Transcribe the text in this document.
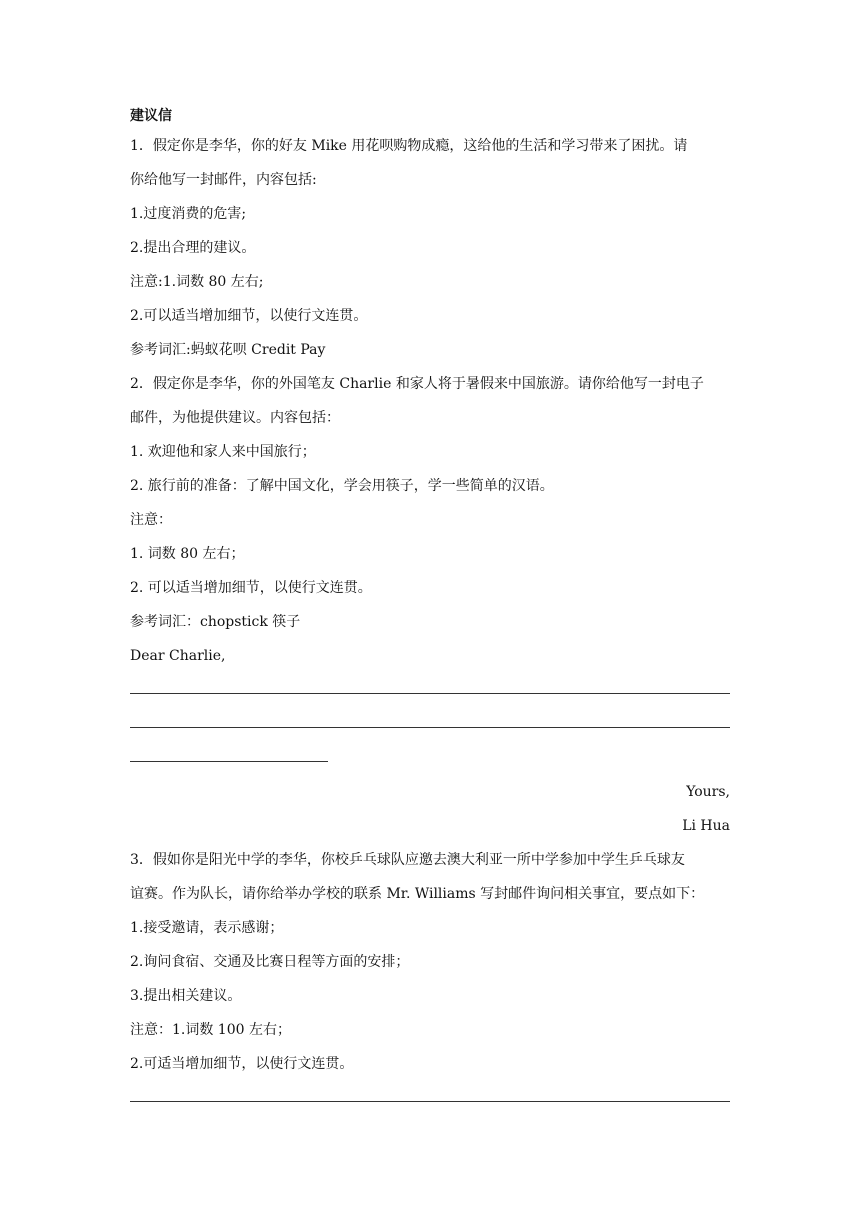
建议信
1．假定你是李华，你的好友 Mike 用花呗购物成瘾，这给他的生活和学习带来了困扰。请
你给他写一封邮件，内容包括:
1.过度消费的危害;
2.提出合理的建议。
注意:1.词数 80 左右;
2.可以适当增加细节，以使行文连贯。
参考词汇:蚂蚁花呗 Credit Pay
2．假定你是李华，你的外国笔友 Charlie 和家人将于暑假来中国旅游。请你给他写一封电子
邮件，为他提供建议。内容包括：
1. 欢迎他和家人来中国旅行；
2. 旅行前的准备：了解中国文化，学会用筷子，学一些简单的汉语。
注意：
1. 词数 80 左右；
2. 可以适当增加细节，以使行文连贯。
参考词汇：chopstick 筷子
Dear Charlie,
Yours,
Li Hua
3．假如你是阳光中学的李华，你校乒乓球队应邀去澳大利亚一所中学参加中学生乒乓球友
谊赛。作为队长，请你给举办学校的联系 Mr. Williams 写封邮件询问相关事宜，要点如下：
1.接受邀请，表示感谢；
2.询问食宿、交通及比赛日程等方面的安排；
3.提出相关建议。
注意：1.词数 100 左右；
2.可适当增加细节，以使行文连贯。
